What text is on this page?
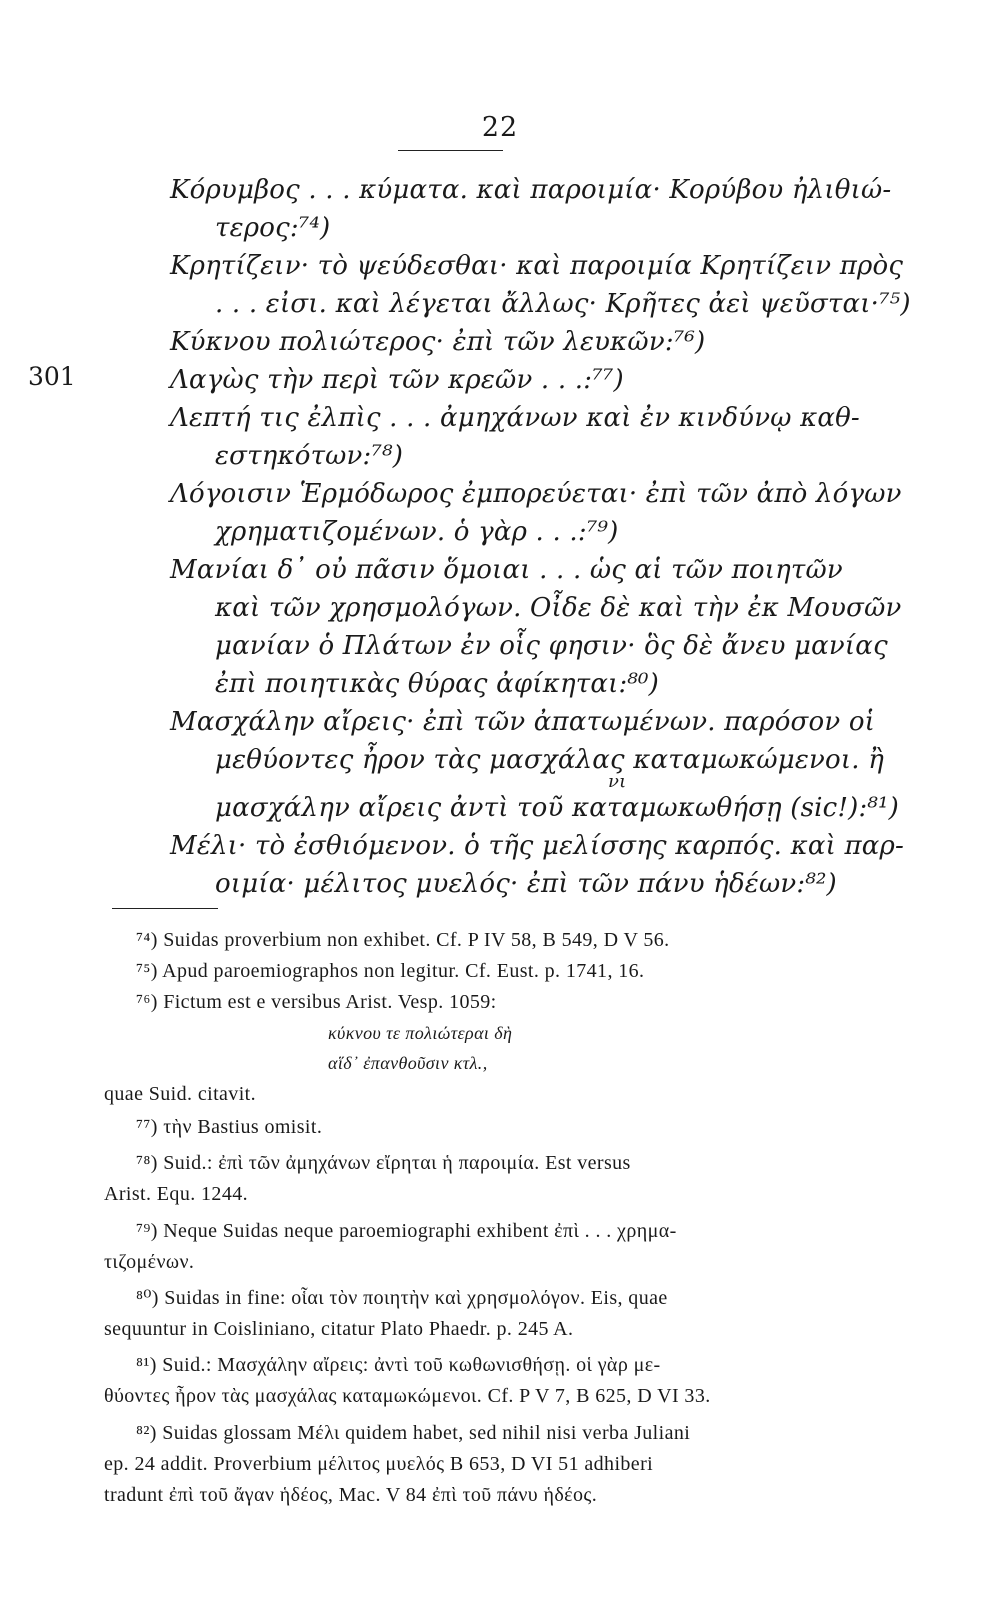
22
Κόρυμβος . . . κύματα. καὶ παροιμία· Κορύβου ἠλιθιώ-
τερος:⁷⁴)
Κρητίζειν· τὸ ψεύδεσθαι· καὶ παροιμία Κρητίζειν πρὸς
. . . εἰσι. καὶ λέγεται ἄλλως· Κρῆτες ἀεὶ ψεῦσται·⁷⁵)
Κύκνου πολιώτερος· ἐπὶ τῶν λευκῶν:⁷⁶)
301	Λαγὼς τὴν περὶ τῶν κρεῶν . . .:⁷⁷)
Λεπτή τις ἐλπὶς . . . ἀμηχάνων καὶ ἐν κινδύνῳ καθ-
εστηκότων:⁷⁸)
Λόγοισιν Ἑρμόδωρος ἐμπορεύεται· ἐπὶ τῶν ἀπὸ λόγων
χρηματιζομένων. ὁ γὰρ . . .:⁷⁹)
Μανίαι δ᾽ οὐ πᾶσιν ὅμοιαι . . . ὡς αἱ τῶν ποιητῶν
καὶ τῶν χρησμολόγων. Οἶδε δὲ καὶ τὴν ἐκ Μουσῶν
μανίαν ὁ Πλάτων ἐν οἷς φησιν· ὃς δὲ ἄνευ μανίας
ἐπὶ ποιητικὰς θύρας ἀφίκηται:⁸⁰)
Μασχάλην αἴρεις· ἐπὶ τῶν ἀπατωμένων. παρόσον οἱ
μεθύοντες ἦρον τὰς μασχάλας καταμωκώμενοι. ἢ
νι
μασχάλην αἴρεις ἀντὶ τοῦ καταμωκωθήσῃ (sic!):⁸¹)
Μέλι· τὸ ἐσθιόμενον. ὁ τῆς μελίσσης καρπός. καὶ παρ-
οιμία· μέλιτος μυελός· ἐπὶ τῶν πάνυ ἡδέων:⁸²)
⁷⁴) Suidas proverbium non exhibet. Cf. P IV 58, B 549, D V 56.
⁷⁵) Apud paroemiographos non legitur. Cf. Eust. p. 1741, 16.
⁷⁶) Fictum est e versibus Arist. Vesp. 1059:
κύκνου τε πολιώτεραι δὴ
αἵδ᾽ ἐπανθοῦσιν κτλ.,
quae Suid. citavit.
⁷⁷) τὴν Bastius omisit.
⁷⁸) Suid.: ἐπὶ τῶν ἀμηχάνων εἴρηται ἡ παροιμία. Est versus
Arist. Equ. 1244.
⁷⁹) Neque Suidas neque paroemiographi exhibent ἐπὶ . . . χρημα-
τιζομένων.
⁸⁰) Suidas in fine: οἷαι τὸν ποιητὴν καὶ χρησμολόγον. Eis, quae
sequuntur in Coisliniano, citatur Plato Phaedr. p. 245 A.
⁸¹) Suid.: Μασχάλην αἴρεις: ἀντὶ τοῦ κωθωνισθήσῃ. οἱ γὰρ με-
θύοντες ἦρον τὰς μασχάλας καταμωκώμενοι. Cf. P V 7, B 625, D VI 33.
⁸²) Suidas glossam Μέλι quidem habet, sed nihil nisi verba Juliani
ep. 24 addit. Proverbium μέλιτος μυελός B 653, D VI 51 adhiberi
tradunt ἐπὶ τοῦ ἄγαν ἡδέος, Mac. V 84 ἐπὶ τοῦ πάνυ ἡδέος.
